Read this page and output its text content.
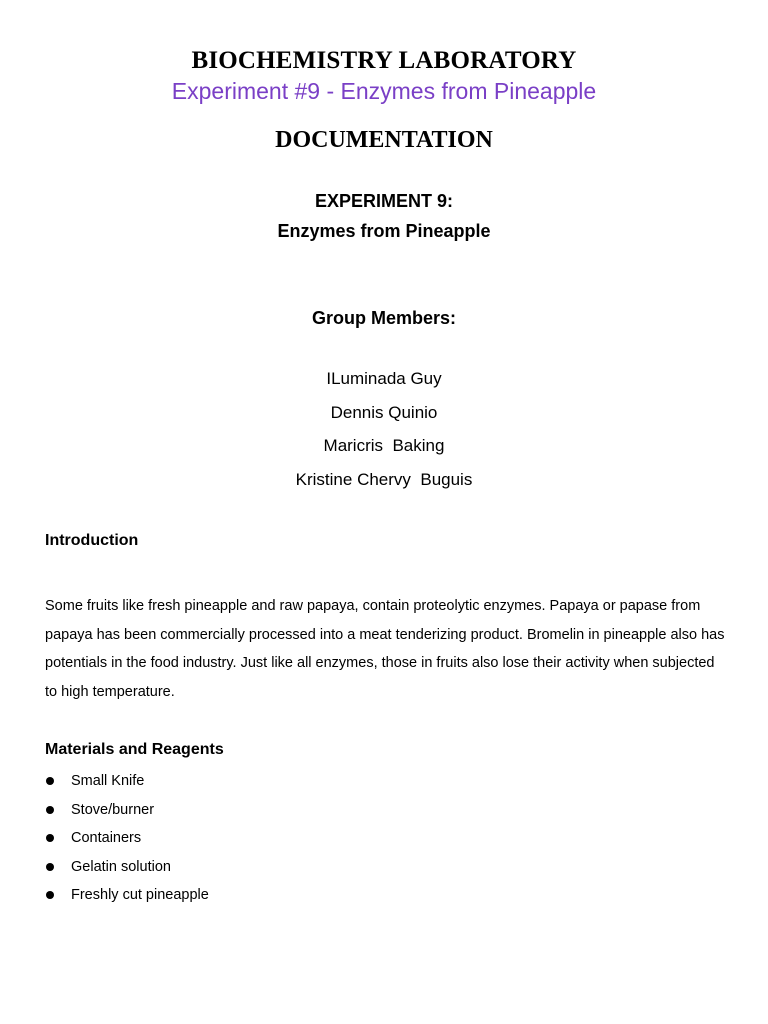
BIOCHEMISTRY LABORATORY
Experiment #9 - Enzymes from Pineapple
DOCUMENTATION
EXPERIMENT 9:
Enzymes from Pineapple
Group Members:
ILuminada Guy
Dennis Quinio
Maricris  Baking
Kristine Chervy  Buguis
Introduction

Some fruits like fresh pineapple and raw papaya, contain proteolytic enzymes. Papaya or papase from papaya has been commercially processed into a meat tenderizing product. Bromelin in pineapple also has potentials in the food industry. Just like all enzymes, those in fruits also lose their activity when subjected to high temperature.

Materials and Reagents
Small Knife
Stove/burner
Containers
Gelatin solution
Freshly cut pineapple
